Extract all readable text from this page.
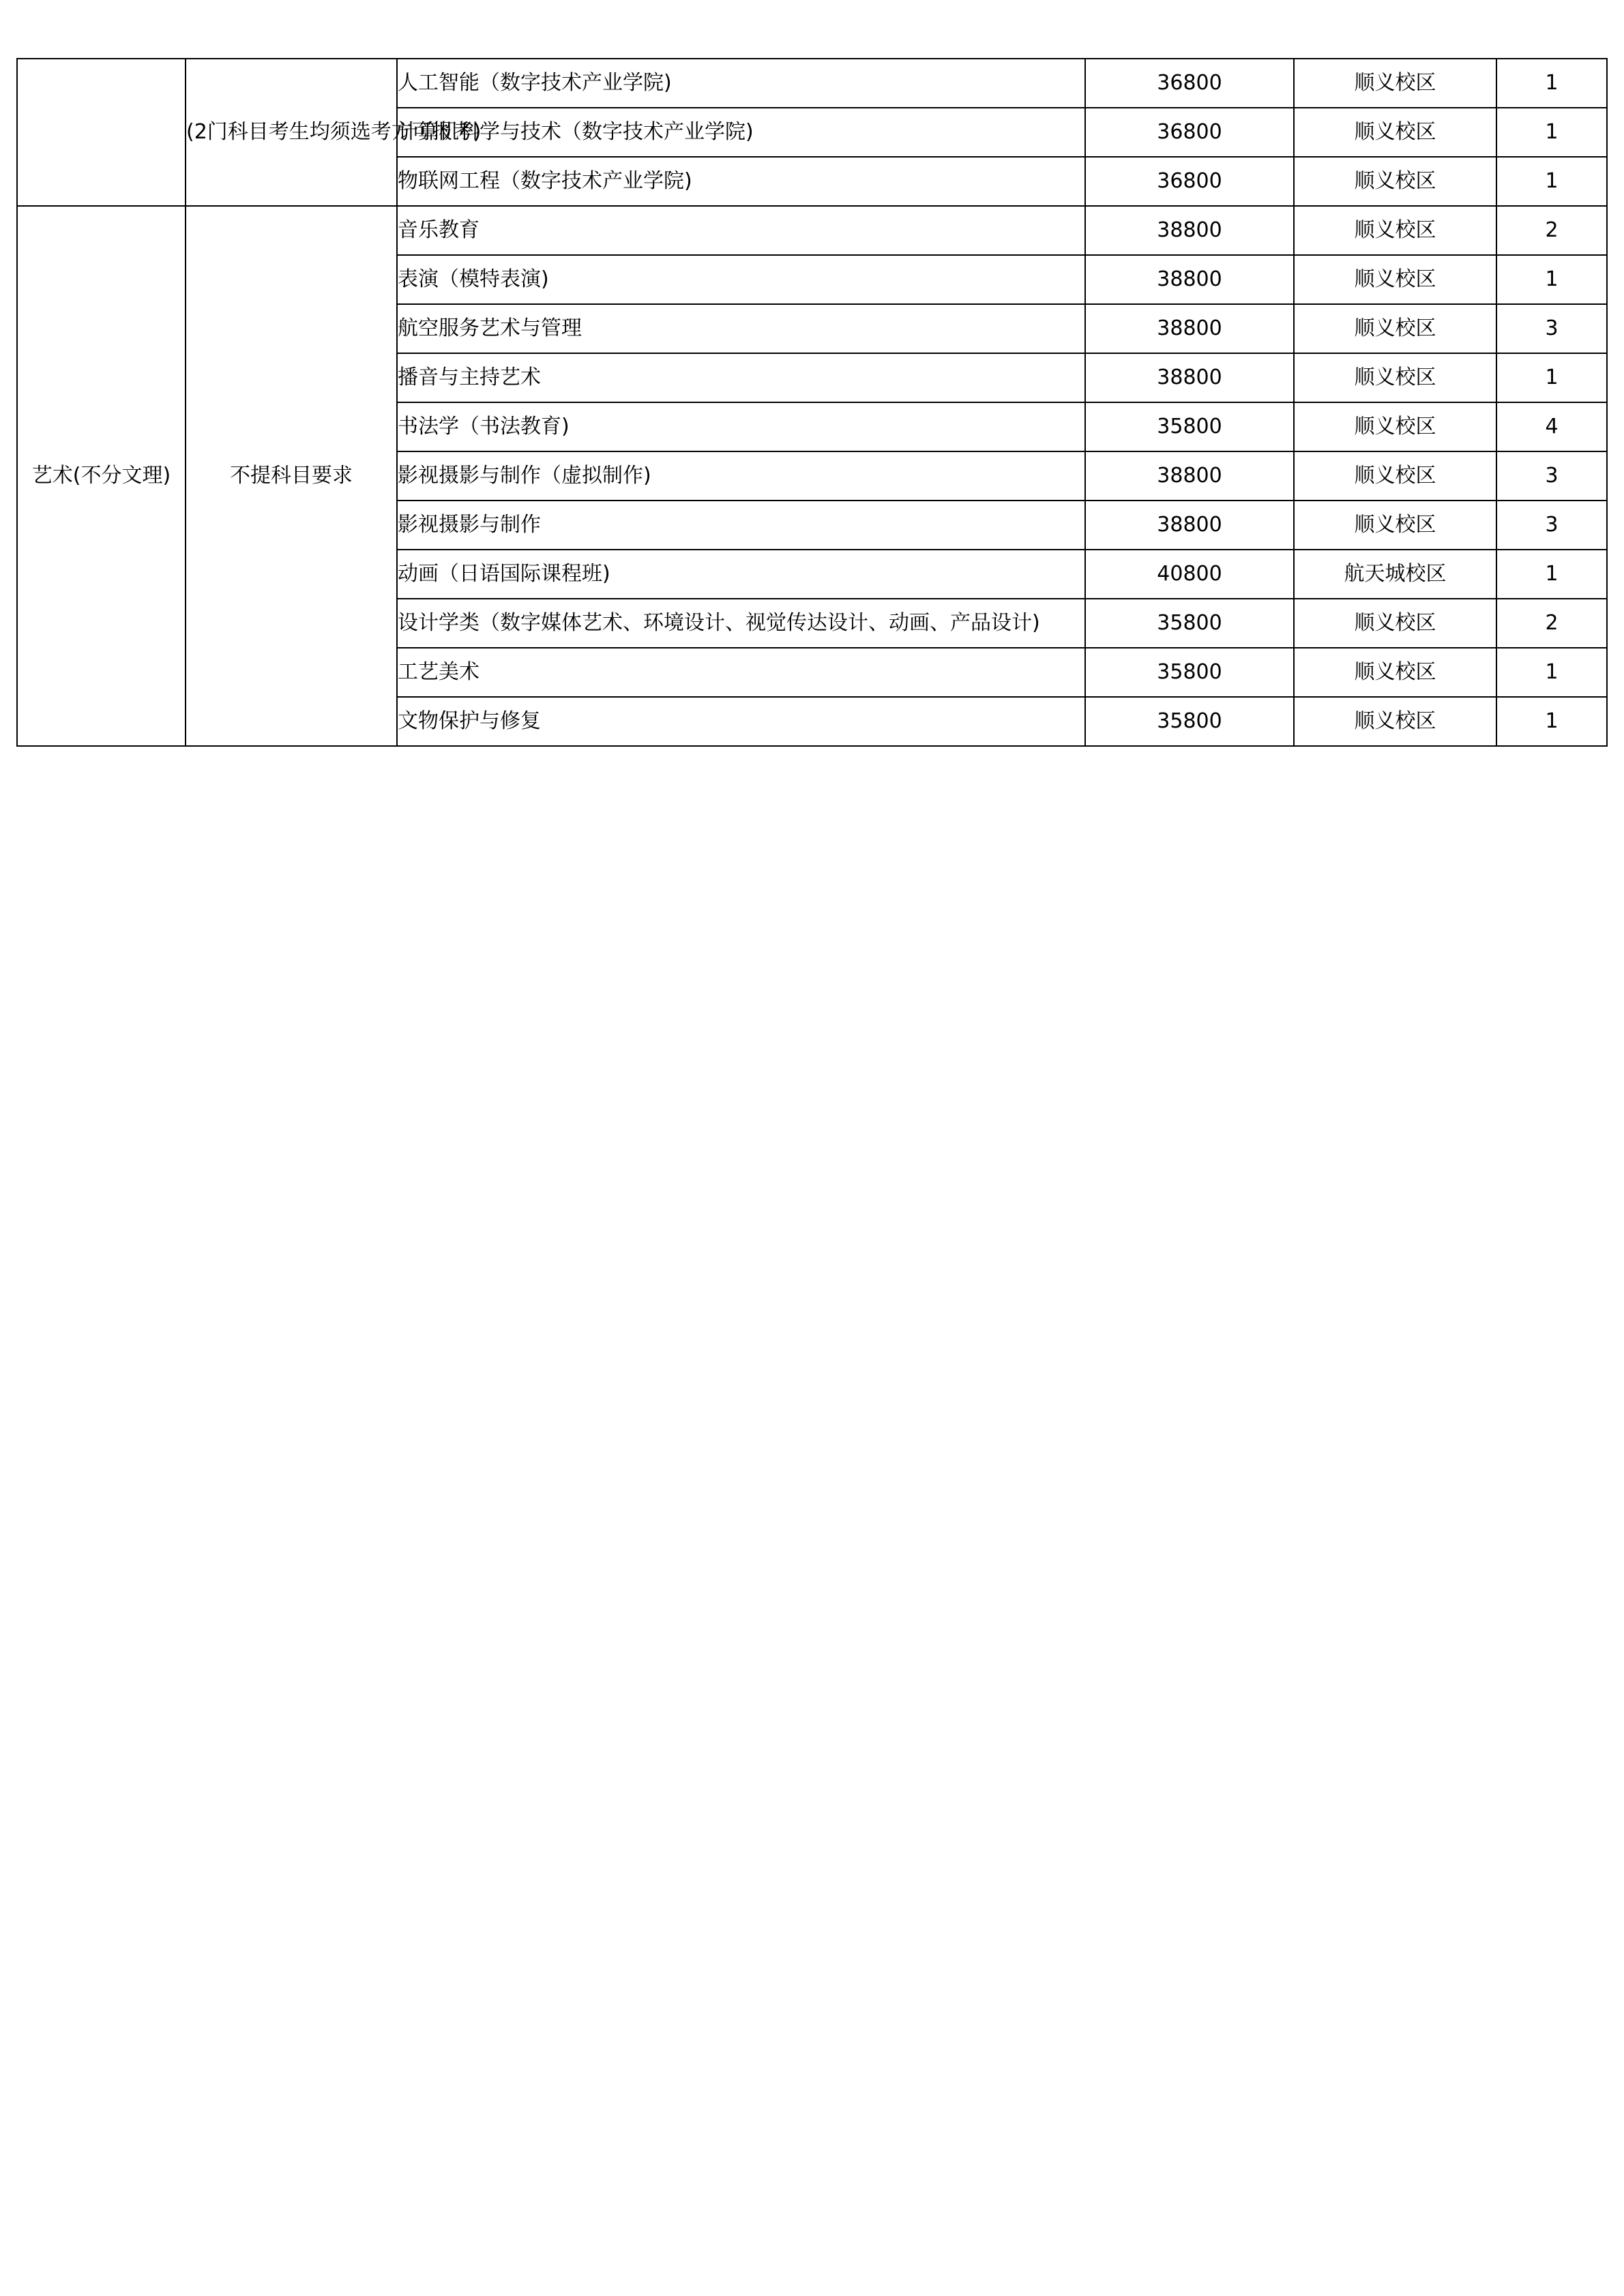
	(2门科目考生均须选考方可报考)	人工智能（数字技术产业学院)	36800	顺义校区	1
		计算机科学与技术（数字技术产业学院)	36800	顺义校区	1
		物联网工程（数字技术产业学院)	36800	顺义校区	1
艺术(不分文理)	不提科目要求	音乐教育	38800	顺义校区	2
		表演（模特表演)	38800	顺义校区	1
		航空服务艺术与管理	38800	顺义校区	3
		播音与主持艺术	38800	顺义校区	1
		书法学（书法教育)	35800	顺义校区	4
		影视摄影与制作（虚拟制作)	38800	顺义校区	3
		影视摄影与制作	38800	顺义校区	3
		动画（日语国际课程班)	40800	航天城校区	1
		设计学类（数字媒体艺术、环境设计、视觉传达设计、动画、产品设计)	35800	顺义校区	2
		工艺美术	35800	顺义校区	1
		文物保护与修复	35800	顺义校区	1
